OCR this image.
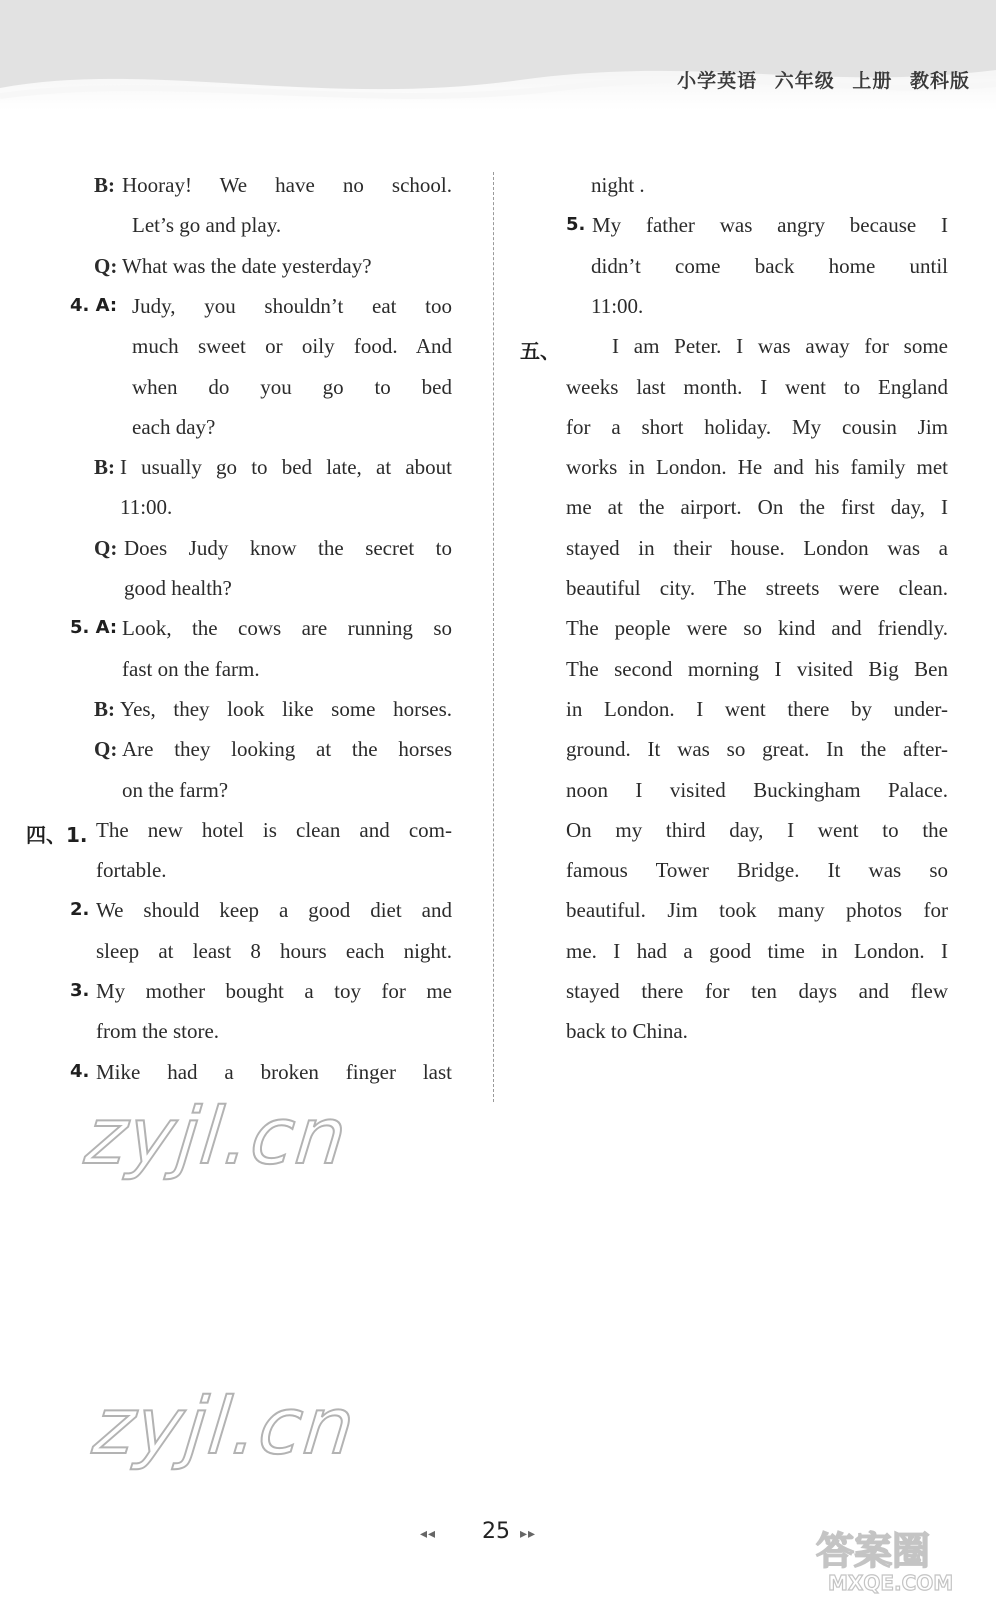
小学英语 六年级 上册 教科版
B: Hooray! We have no school.
Let’s go and play.
Q: What was the date yesterday?
4. A: Judy, you shouldn’t eat too
much sweet or oily food. And
when do you go to bed
each day?
B: I usually go to bed late, at about
11:00.
Q: Does Judy know the secret to
good health?
5. A: Look, the cows are running so
fast on the farm.
B: Yes, they look like some horses.
Q: Are they looking at the horses
on the farm?
四、1. The new hotel is clean and com-
fortable.
2. We should keep a good diet and
sleep at least 8 hours each night.
3. My mother bought a toy for me
from the store.
4. Mike had a broken finger last
night .
5. My father was angry because I
didn’t come back home until
11:00.
五、 I am Peter. I was away for some
weeks last month. I went to England
for a short holiday. My cousin Jim
works in London. He and his family met
me at the airport. On the first day, I
stayed in their house. London was a
beautiful city. The streets were clean.
The people were so kind and friendly.
The second morning I visited Big Ben
in London. I went there by under-
ground. It was so great. In the after-
noon I visited Buckingham Palace.
On my third day, I went to the
famous Tower Bridge. It was so
beautiful. Jim took many photos for
me. I had a good time in London. I
stayed there for ten days and flew
back to China.
zyjl.cn
zyjl.cn
◂◂ 25 ▸▸	答案圈
MXQE.COM
